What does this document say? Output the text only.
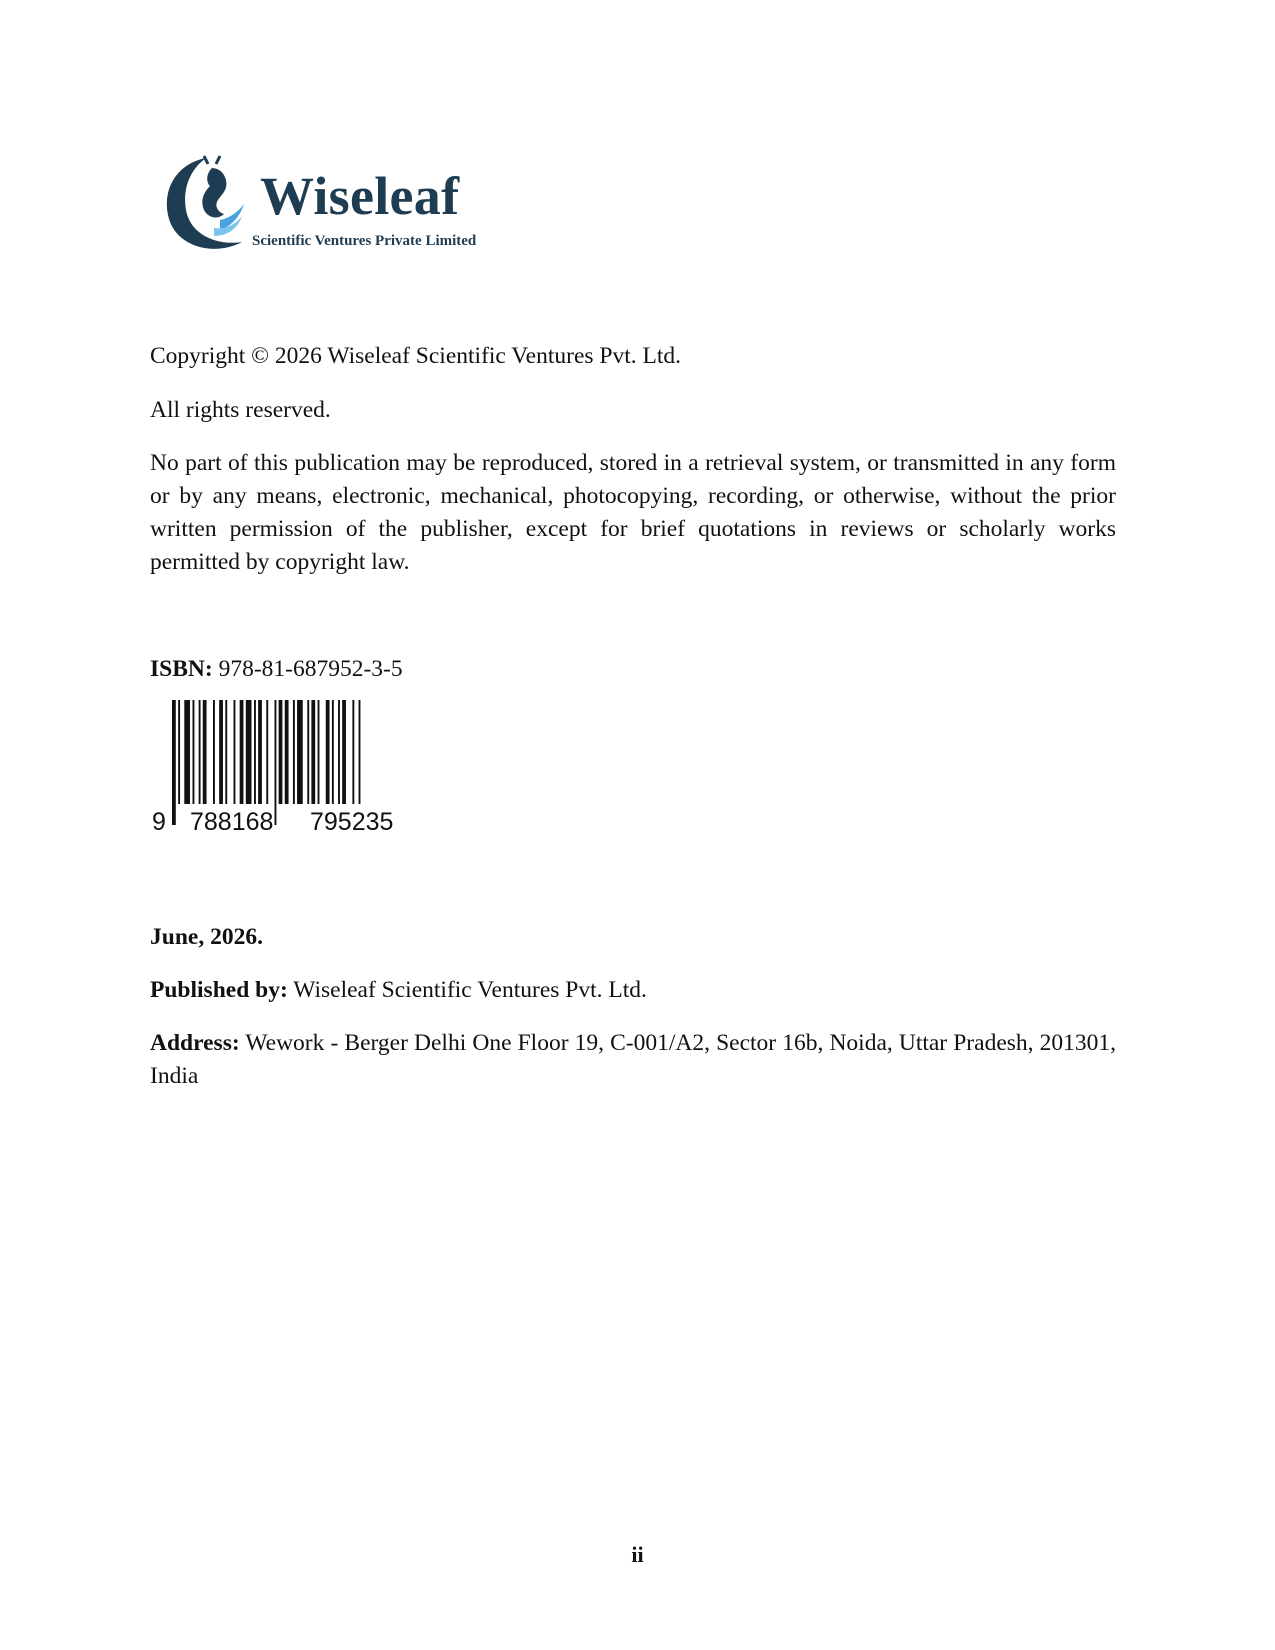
Wiseleaf
Scientific Ventures Private Limited

Copyright © 2026 Wiseleaf Scientific Ventures Pvt. Ltd.

All rights reserved.

No part of this publication may be reproduced, stored in a retrieval system, or transmitted in any form or by any means, electronic, mechanical, photocopying, recording, or otherwise, without the prior written permission of the publisher, except for brief quotations in reviews or scholarly works permitted by copyright law.

ISBN: 978-81-687952-3-5

9 788168 795235

June, 2026.

Published by: Wiseleaf Scientific Ventures Pvt. Ltd.

Address: Wework - Berger Delhi One Floor 19, C-001/A2, Sector 16b, Noida, Uttar Pradesh, 201301, India

ii
